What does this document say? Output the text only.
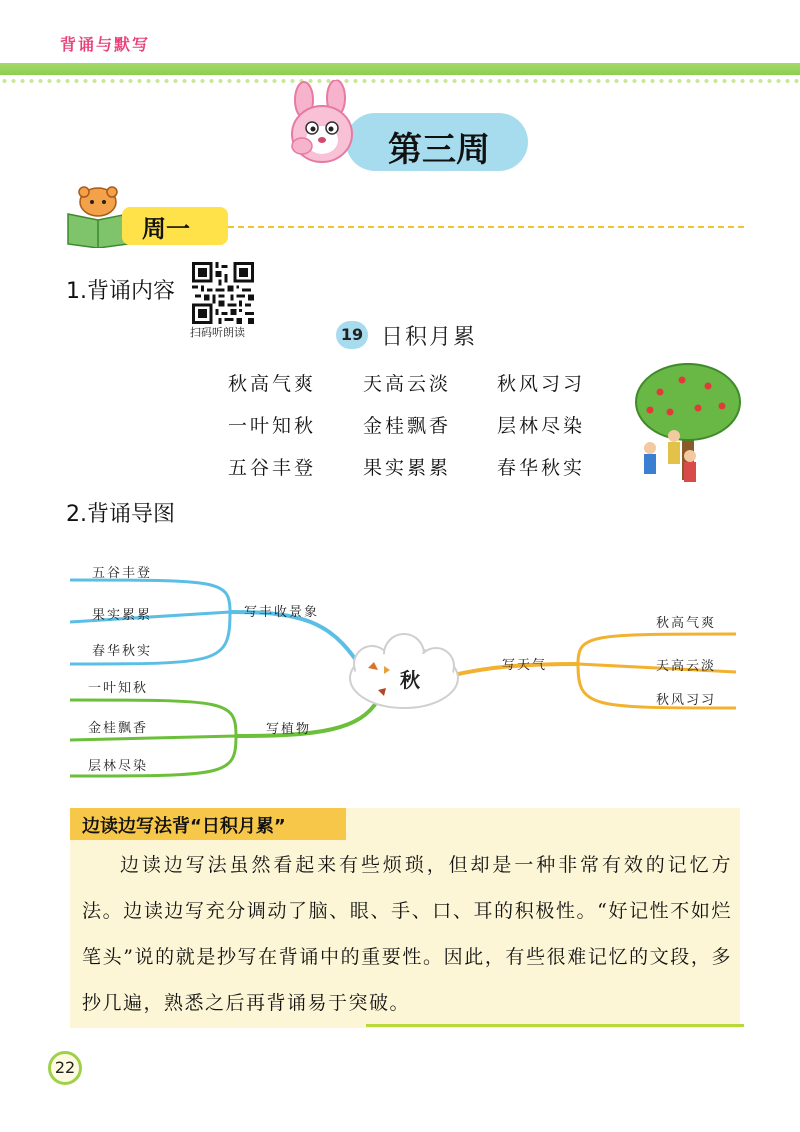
背诵与默写
第三周
周一
1.背诵内容
扫码听朗读	19 日积月累
秋高气爽 天高云淡 秋风习习
一叶知秋 金桂飘香 层林尽染
五谷丰登 果实累累 春华秋实
2.背诵导图
写丰收景象
五谷丰登
果实累累
春华秋实
写植物
一叶知秋
金桂飘香
层林尽染
写天气
秋高气爽
天高云淡
秋风习习
秋
边读边写法背“日积月累”
边读边写法虽然看起来有些烦琐，但却是一种非常有效的记忆方法。边读边写充分调动了脑、眼、手、口、耳的积极性。“好记性不如烂笔头”说的就是抄写在背诵中的重要性。因此，有些很难记忆的文段，多抄几遍，熟悉之后再背诵易于突破。
22
